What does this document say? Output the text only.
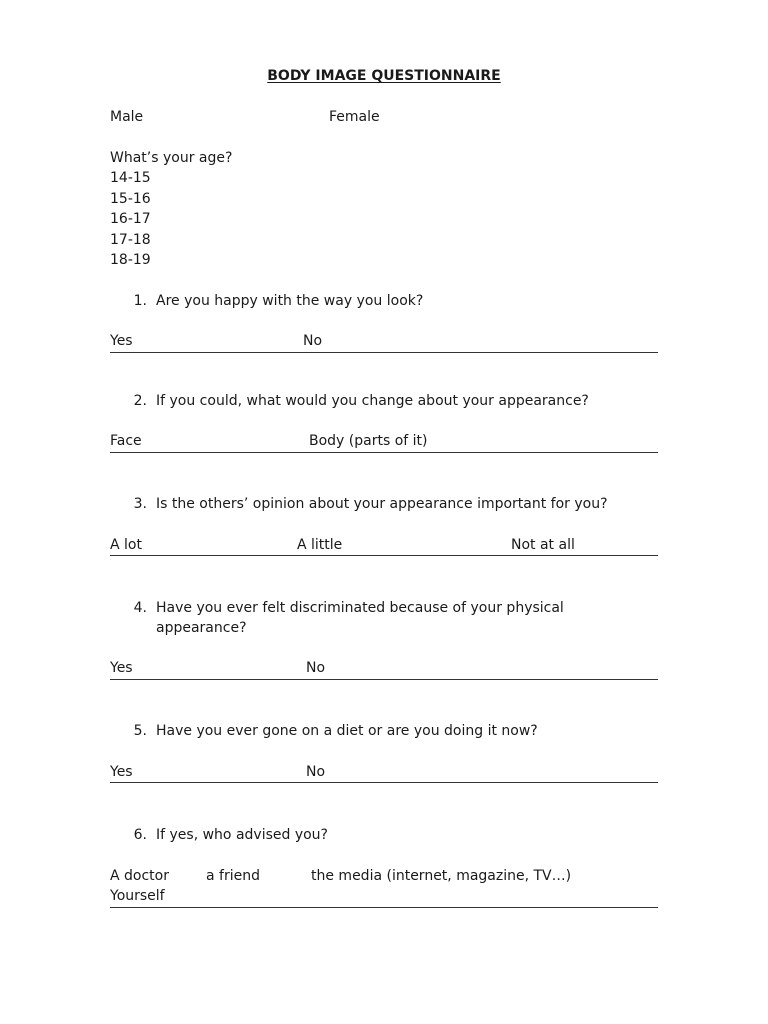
BODY IMAGE QUESTIONNAIRE
Male	Female
What’s your age?
14-15
15-16
16-17
17-18
18-19
1. Are you happy with the way you look?
Yes	No
2. If you could, what would you change about your appearance?
Face	Body (parts of it)
3. Is the others’ opinion about your appearance important for you?
A lot	A little	Not at all
4. Have you ever felt discriminated because of your physical
appearance?
Yes	No
5. Have you ever gone on a diet or are you doing it now?
Yes	No
6. If yes, who advised you?
A doctor	a friend	the media (internet, magazine, TV…)
Yourself
